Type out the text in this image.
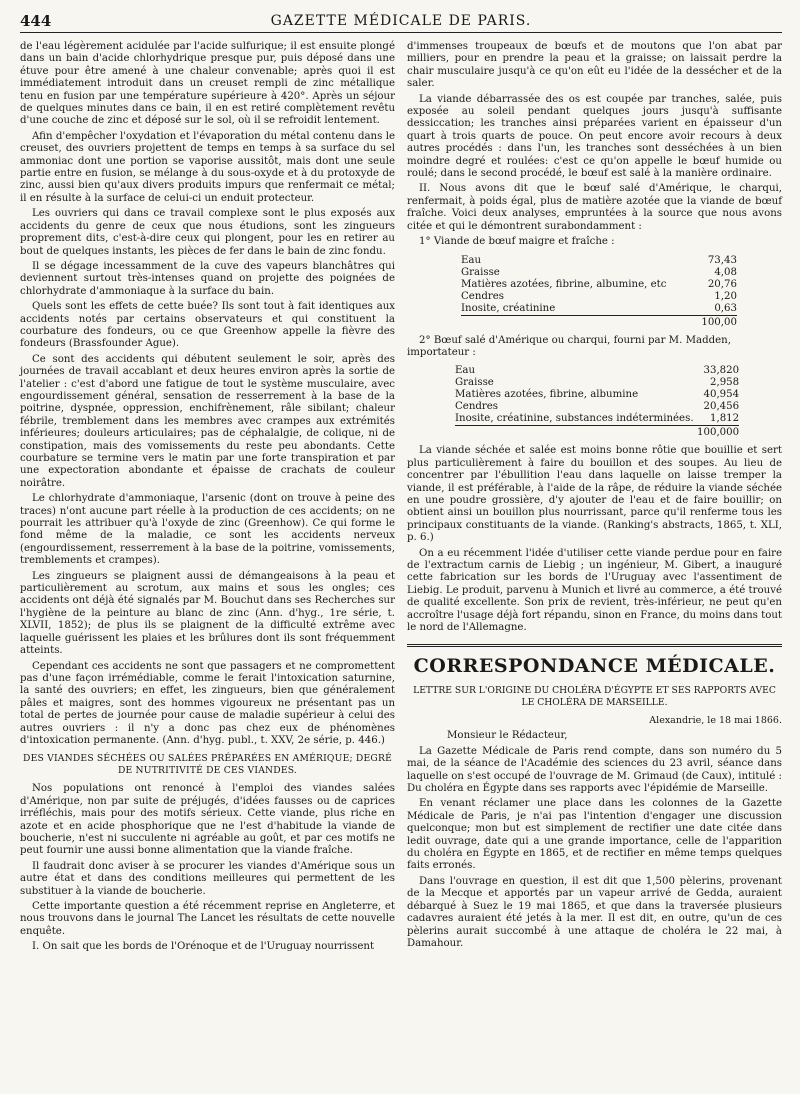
444	GAZETTE MÉDICALE DE PARIS.

de l'eau légèrement acidulée par l'acide sulfurique; il est ensuite plongé dans un bain d'acide chlorhydrique presque pur, puis déposé dans une étuve pour être amené à une chaleur convenable; après quoi il est immédiatement introduit dans un creuset rempli de zinc métallique tenu en fusion par une température supérieure à 420°. Après un séjour de quelques minutes dans ce bain, il en est retiré complètement revêtu d'une couche de zinc et déposé sur le sol, où il se refroidit lentement.

Afin d'empêcher l'oxydation et l'évaporation du métal contenu dans le creuset, des ouvriers projettent de temps en temps à sa surface du sel ammoniac dont une portion se vaporise aussitôt, mais dont une seule partie entre en fusion, se mélange à du sous-oxyde et à du protoxyde de zinc, aussi bien qu'aux divers produits impurs que renfermait ce métal; il en résulte à la surface de celui-ci un enduit protecteur.

Les ouvriers qui dans ce travail complexe sont le plus exposés aux accidents du genre de ceux que nous étudions, sont les zingueurs proprement dits, c'est-à-dire ceux qui plongent, pour les en retirer au bout de quelques instants, les pièces de fer dans le bain de zinc fondu.

Il se dégage incessamment de la cuve des vapeurs blanchâtres qui deviennent surtout très-intenses quand on projette des poignées de chlorhydrate d'ammoniaque à la surface du bain.

Quels sont les effets de cette buée? Ils sont tout à fait identiques aux accidents notés par certains observateurs et qui constituent la courbature des fondeurs, ou ce que Greenhow appelle la fièvre des fondeurs (Brassfounder Ague).

Ce sont des accidents qui débutent seulement le soir, après des journées de travail accablant et deux heures environ après la sortie de l'atelier : c'est d'abord une fatigue de tout le système musculaire, avec engourdissement général, sensation de resserrement à la base de la poitrine, dyspnée, oppression, enchifrènement, râle sibilant; chaleur fébrile, tremblement dans les membres avec crampes aux extrémités inférieures; douleurs articulaires; pas de céphalalgie, de colique, ni de constipation, mais des vomissements du reste peu abondants. Cette courbature se termine vers le matin par une forte transpiration et par une expectoration abondante et épaisse de crachats de couleur noirâtre.

Le chlorhydrate d'ammoniaque, l'arsenic (dont on trouve à peine des traces) n'ont aucune part réelle à la production de ces accidents; on ne pourrait les attribuer qu'à l'oxyde de zinc (Greenhow). Ce qui forme le fond même de la maladie, ce sont les accidents nerveux (engourdissement, resserrement à la base de la poitrine, vomissements, tremblements et crampes).

Les zingueurs se plaignent aussi de démangeaisons à la peau et particulièrement au scrotum, aux mains et sous les ongles; ces accidents ont déjà été signalés par M. Bouchut dans ses Recherches sur l'hygiène de la peinture au blanc de zinc (Ann. d'hyg., 1re série, t. XLVII, 1852); de plus ils se plaignent de la difficulté extrême avec laquelle guérissent les plaies et les brûlures dont ils sont fréquemment atteints.

Cependant ces accidents ne sont que passagers et ne compromettent pas d'une façon irrémédiable, comme le ferait l'intoxication saturnine, la santé des ouvriers; en effet, les zingueurs, bien que généralement pâles et maigres, sont des hommes vigoureux ne présentant pas un total de pertes de journée pour cause de maladie supérieur à celui des autres ouvriers : il n'y a donc pas chez eux de phénomènes d'intoxication permanente. (Ann. d'hyg. publ., t. XXV, 2e série, p. 446.)

DES VIANDES SÉCHÉES OU SALÉES PRÉPARÉES EN AMÉRIQUE; DEGRÉ
DE NUTRITIVITÉ DE CES VIANDES.

Nos populations ont renoncé à l'emploi des viandes salées d'Amérique, non par suite de préjugés, d'idées fausses ou de caprices irréfléchis, mais pour des motifs sérieux. Cette viande, plus riche en azote et en acide phosphorique que ne l'est d'habitude la viande de boucherie, n'est ni succulente ni agréable au goût, et par ces motifs ne peut fournir une aussi bonne alimentation que la viande fraîche.

Il faudrait donc aviser à se procurer les viandes d'Amérique sous un autre état et dans des conditions meilleures qui permettent de les substituer à la viande de boucherie.

Cette importante question a été récemment reprise en Angleterre, et nous trouvons dans le journal The Lancet les résultats de cette nouvelle enquête.

I. On sait que les bords de l'Orénoque et de l'Uruguay nourrissent

d'immenses troupeaux de bœufs et de moutons que l'on abat par milliers, pour en prendre la peau et la graisse; on laissait perdre la chair musculaire jusqu'à ce qu'on eût eu l'idée de la dessécher et de la saler.

La viande débarrassée des os est coupée par tranches, salée, puis exposée au soleil pendant quelques jours jusqu'à suffisante dessiccation; les tranches ainsi préparées varient en épaisseur d'un quart à trois quarts de pouce. On peut encore avoir recours à deux autres procédés : dans l'un, les tranches sont desséchées à un bien moindre degré et roulées: c'est ce qu'on appelle le bœuf humide ou roulé; dans le second procédé, le bœuf est salé à la manière ordinaire.

II. Nous avons dit que le bœuf salé d'Amérique, le charqui, renfermait, à poids égal, plus de matière azotée que la viande de bœuf fraîche. Voici deux analyses, empruntées à la source que nous avons citée et qui le démontrent surabondamment :

1° Viande de bœuf maigre et fraîche :
Eau	73,43
Graisse	4,08
Matières azotées, fibrine, albumine, etc	20,76
Cendres	1,20
Inosite, créatinine	0,63
	100,00
2° Bœuf salé d'Amérique ou charqui, fourni par M. Madden, importateur :
Eau	33,820
Graisse	2,958
Matières azotées, fibrine, albumine	40,954
Cendres	20,456
Inosite, créatinine, substances indéterminées.	1,812
	100,000

La viande séchée et salée est moins bonne rôtie que bouillie et sert plus particulièrement à faire du bouillon et des soupes. Au lieu de concentrer par l'ébullition l'eau dans laquelle on laisse tremper la viande, il est préférable, à l'aide de la râpe, de réduire la viande séchée en une poudre grossière, d'y ajouter de l'eau et de faire bouillir; on obtient ainsi un bouillon plus nourrissant, parce qu'il renferme tous les principaux constituants de la viande. (Ranking's abstracts, 1865, t. XLI, p. 6.)

On a eu récemment l'idée d'utiliser cette viande perdue pour en faire de l'extractum carnis de Liebig ; un ingénieur, M. Gibert, a inauguré cette fabrication sur les bords de l'Uruguay avec l'assentiment de Liebig. Le produit, parvenu à Munich et livré au commerce, a été trouvé de qualité excellente. Son prix de revient, très-inférieur, ne peut qu'en accroître l'usage déjà fort répandu, sinon en France, du moins dans tout le nord de l'Allemagne.

CORRESPONDANCE MÉDICALE.
LETTRE SUR L'ORIGINE DU CHOLÉRA D'ÉGYPTE ET SES RAPPORTS AVEC
LE CHOLÉRA DE MARSEILLE.
Alexandrie, le 18 mai 1866.

Monsieur le Rédacteur,

La Gazette Médicale de Paris rend compte, dans son numéro du 5 mai, de la séance de l'Académie des sciences du 23 avril, séance dans laquelle on s'est occupé de l'ouvrage de M. Grimaud (de Caux), intitulé : Du choléra en Égypte dans ses rapports avec l'épidémie de Marseille.

En venant réclamer une place dans les colonnes de la Gazette Médicale de Paris, je n'ai pas l'intention d'engager une discussion quelconque; mon but est simplement de rectifier une date citée dans ledit ouvrage, date qui a une grande importance, celle de l'apparition du choléra en Égypte en 1865, et de rectifier en même temps quelques faits erronés.

Dans l'ouvrage en question, il est dit que 1,500 pèlerins, provenant de la Mecque et apportés par un vapeur arrivé de Gedda, auraient débarqué à Suez le 19 mai 1865, et que dans la traversée plusieurs cadavres auraient été jetés à la mer. Il est dit, en outre, qu'un de ces pèlerins aurait succombé à une attaque de choléra le 22 mai, à Damahour.
